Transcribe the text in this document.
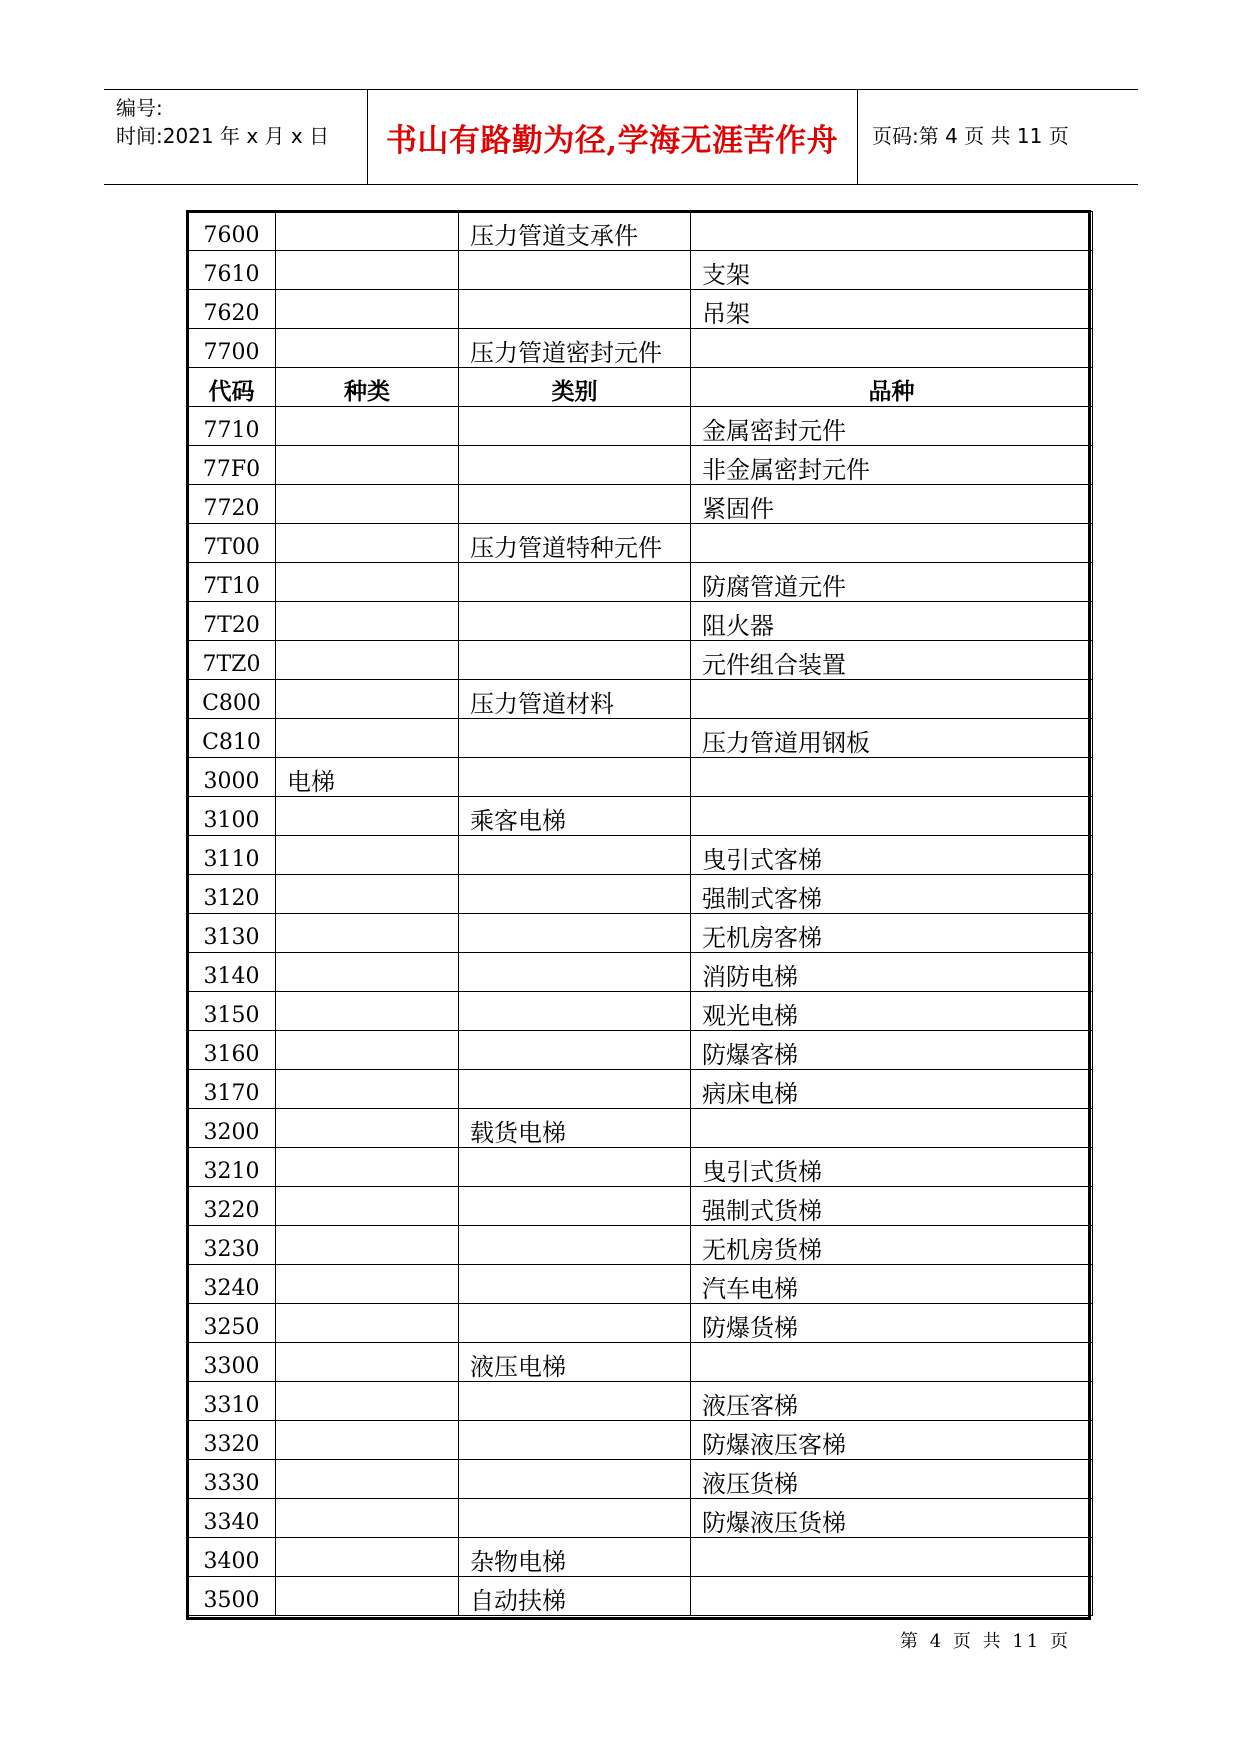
编号:
时间:2021 年 x 月 x 日	书山有路勤为径,学海无涯苦作舟	页码:第 4 页 共 11 页
7600		压力管道支承件	
7610			支架
7620			吊架
7700		压力管道密封元件	
代码	种类	类别	品种
7710			金属密封元件
77F0			非金属密封元件
7720			紧固件
7T00		压力管道特种元件	
7T10			防腐管道元件
7T20			阻火器
7TZ0			元件组合装置
C800		压力管道材料	
C810			压力管道用钢板
3000	电梯		
3100		乘客电梯	
3110			曳引式客梯
3120			强制式客梯
3130			无机房客梯
3140			消防电梯
3150			观光电梯
3160			防爆客梯
3170			病床电梯
3200		载货电梯	
3210			曳引式货梯
3220			强制式货梯
3230			无机房货梯
3240			汽车电梯
3250			防爆货梯
3300		液压电梯	
3310			液压客梯
3320			防爆液压客梯
3330			液压货梯
3340			防爆液压货梯
3400		杂物电梯	
3500		自动扶梯	
第 4 页 共 11 页
